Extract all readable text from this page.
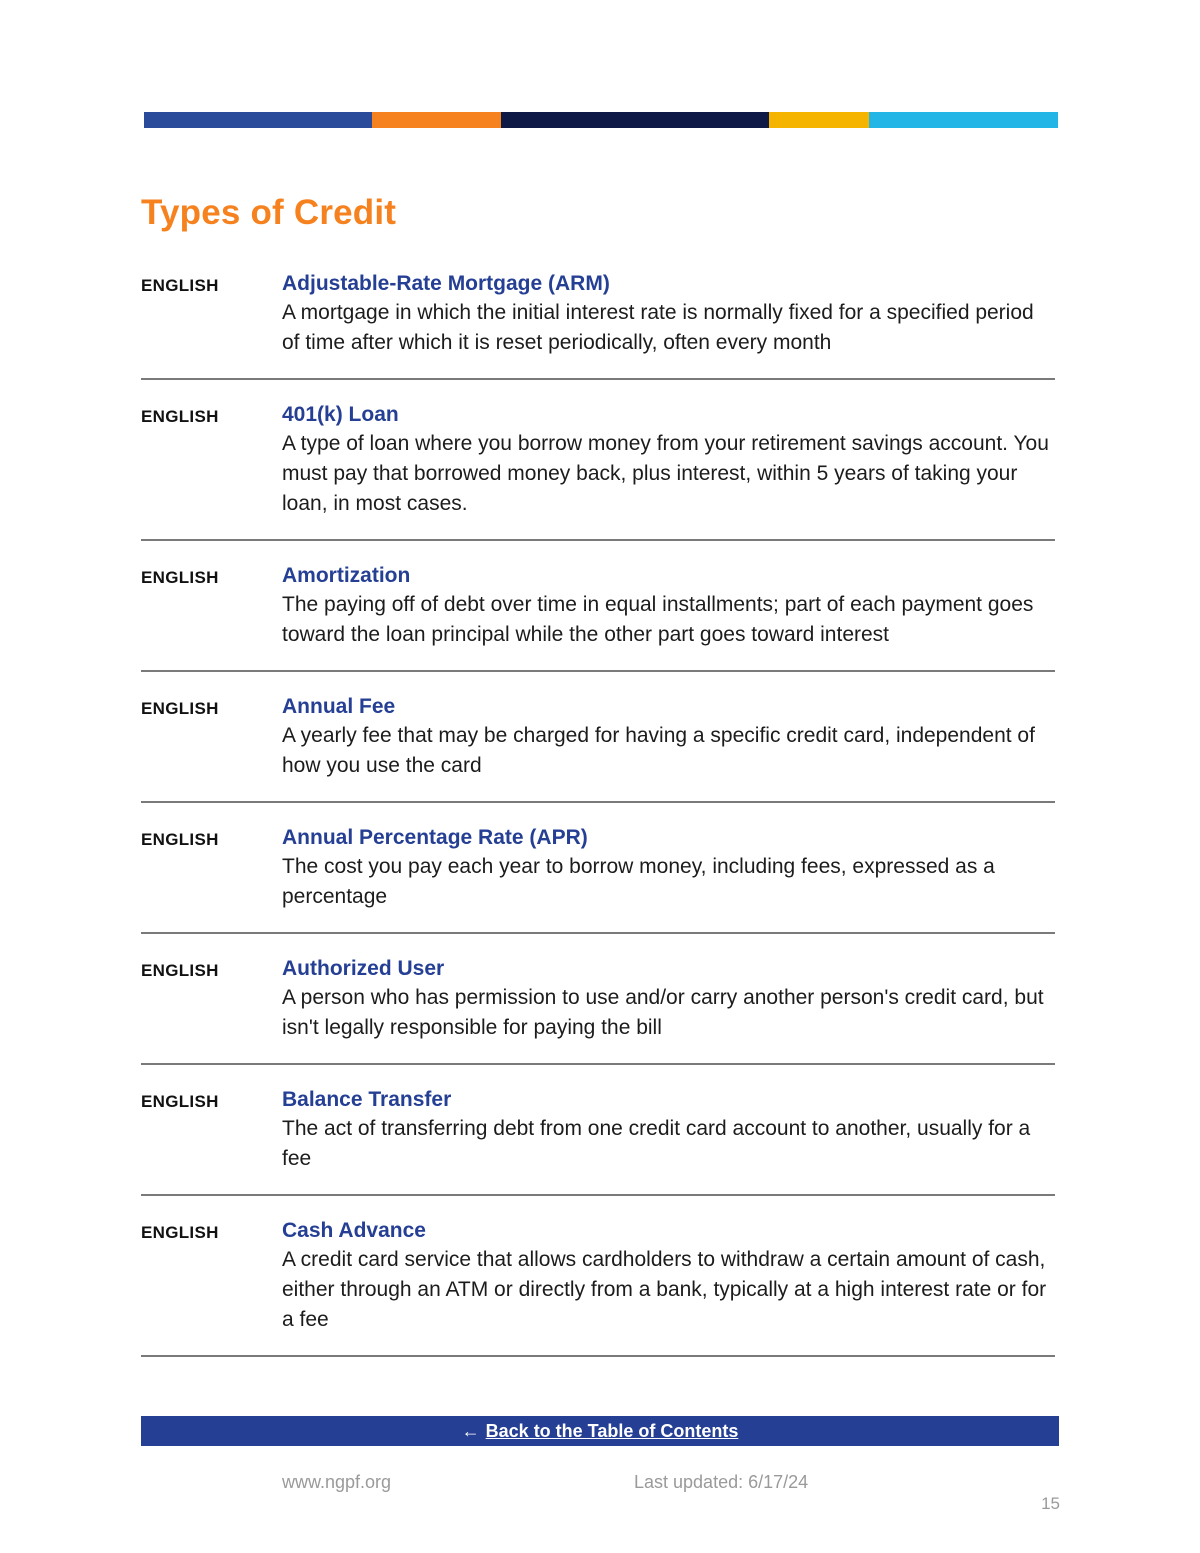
Types of Credit
ENGLISH	Adjustable-Rate Mortgage (ARM)

A mortgage in which the initial interest rate is normally fixed for a specified period of time after which it is reset periodically, often every month

ENGLISH	401(k) Loan

A type of loan where you borrow money from your retirement savings account. You must pay that borrowed money back, plus interest, within 5 years of taking your loan, in most cases.

ENGLISH	Amortization

The paying off of debt over time in equal installments; part of each payment goes toward the loan principal while the other part goes toward interest

ENGLISH	Annual Fee

A yearly fee that may be charged for having a specific credit card, independent of how you use the card

ENGLISH	Annual Percentage Rate (APR)

The cost you pay each year to borrow money, including fees, expressed as a percentage

ENGLISH	Authorized User

A person who has permission to use and/or carry another person's credit card, but isn't legally responsible for paying the bill

ENGLISH	Balance Transfer

The act of transferring debt from one credit card account to another, usually for a fee

ENGLISH	Cash Advance

A credit card service that allows cardholders to withdraw a certain amount of cash, either through an ATM or directly from a bank, typically at a high interest rate or for a fee

← Back to the Table of Contents
www.ngpf.org	Last updated: 6/17/24
15
